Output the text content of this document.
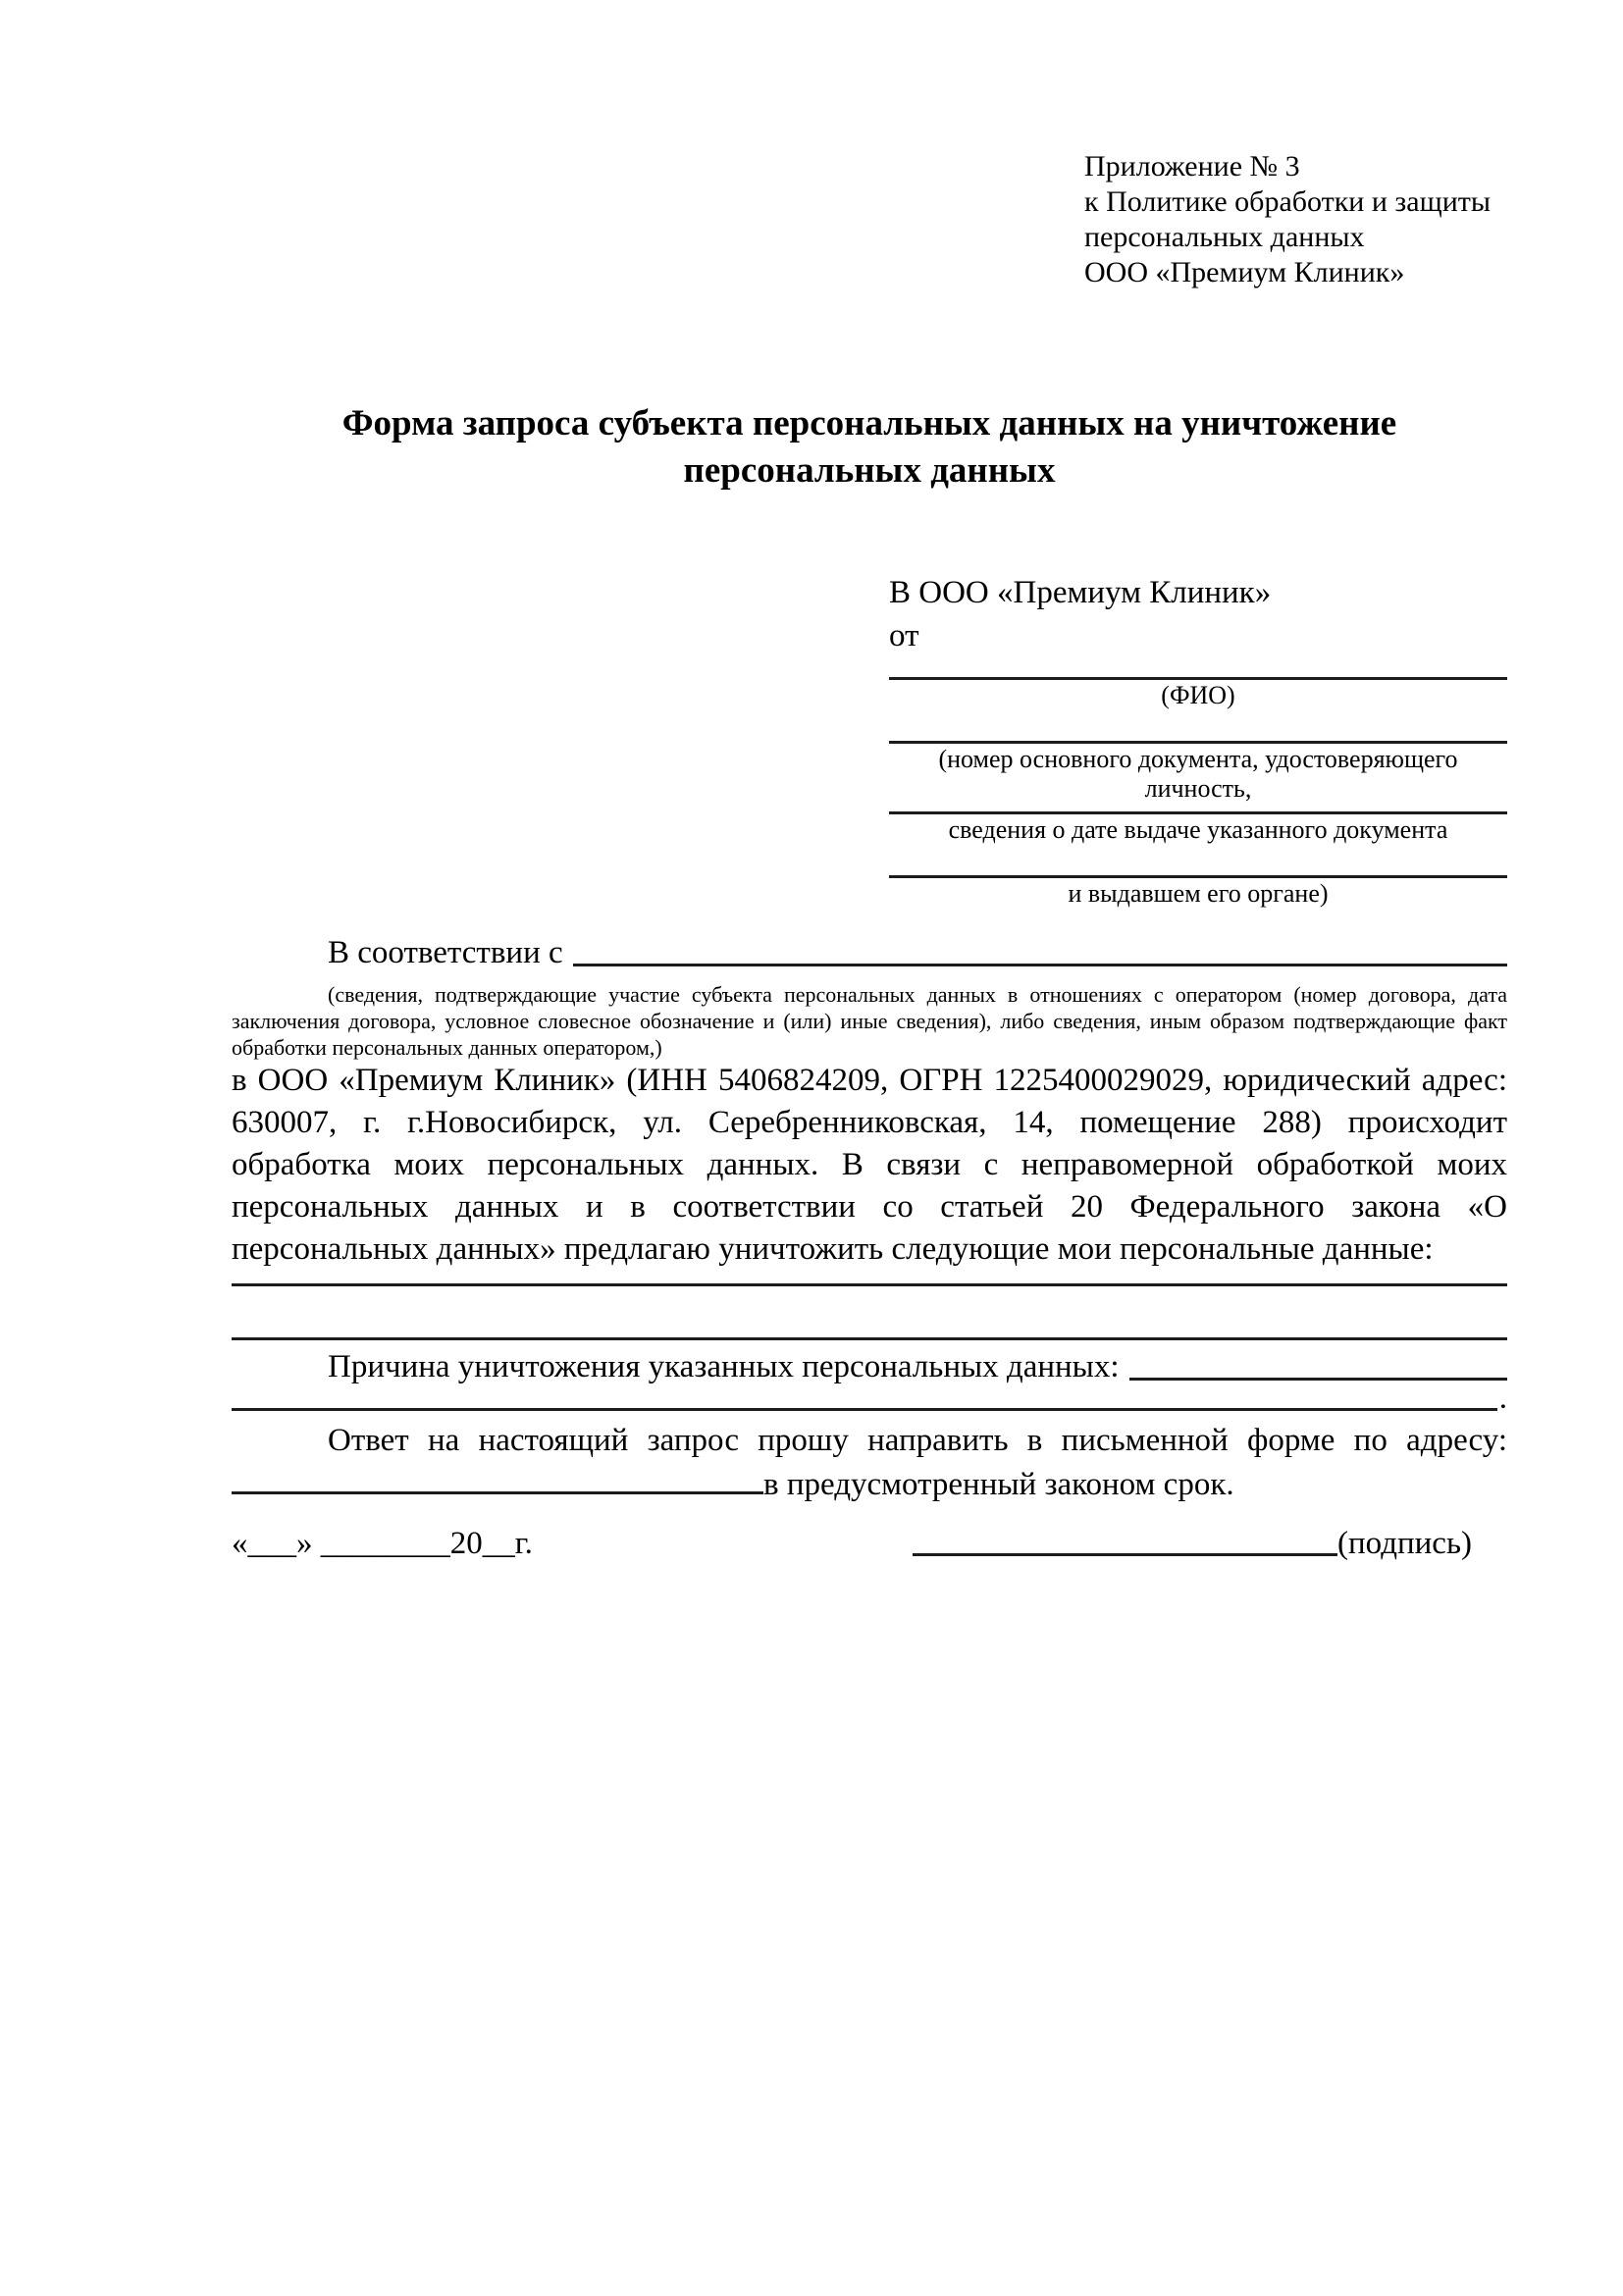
Приложение № 3
к Политике обработки и защиты
персональных данных
ООО «Премиум Клиник»
Форма запроса субъекта персональных данных на уничтожение
персональных данных
В ООО «Премиум Клиник»
от
(ФИО)
(номер основного документа, удостоверяющего личность,
сведения о дате выдаче указанного документа
и выдавшем его органе)
В соответствии с
(сведения, подтверждающие участие субъекта персональных данных в отношениях с оператором (номер договора, дата
заключения договора, условное словесное обозначение и (или) иные сведения), либо сведения, иным образом подтверждающие факт
обработки персональных данных оператором,)
в ООО «Премиум Клиник» (ИНН 5406824209, ОГРН 1225400029029, юридический адрес:
630007, г. г.Новосибирск, ул. Серебренниковская, 14, помещение 288) происходит
обработка моих персональных данных. В связи с неправомерной обработкой моих
персональных данных и в соответствии со статьей 20 Федерального закона «О
персональных данных» предлагаю уничтожить следующие мои персональные данные:
Причина уничтожения указанных персональных данных:
.
Ответ на настоящий запрос прошу направить в письменной форме по адресу:
в предусмотренный законом срок.
«___» ________20__г.	(подпись)
